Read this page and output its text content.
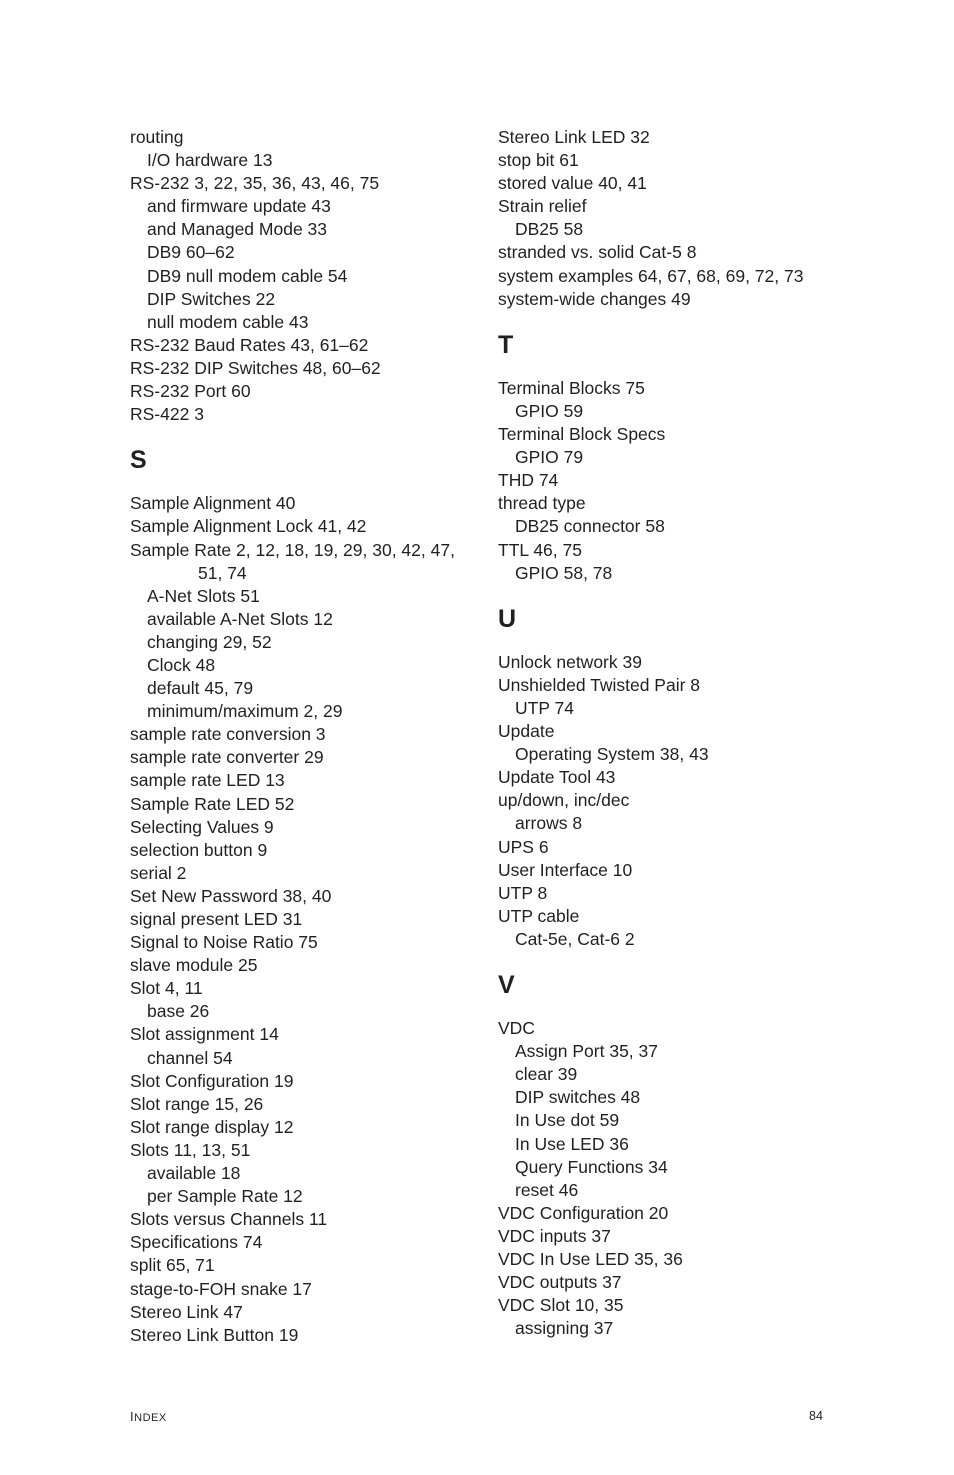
routing
I/O hardware 13
RS-232 3, 22, 35, 36, 43, 46, 75
and firmware update 43
and Managed Mode 33
DB9 60–62
DB9 null modem cable 54
DIP Switches 22
null modem cable 43
RS-232 Baud Rates 43, 61–62
RS-232 DIP Switches 48, 60–62
RS-232 Port 60
RS-422 3
S
Sample Alignment 40
Sample Alignment Lock 41, 42
Sample Rate 2, 12, 18, 19, 29, 30, 42, 47,
51, 74
A-Net Slots 51
available A-Net Slots 12
changing 29, 52
Clock 48
default 45, 79
minimum/maximum 2, 29
sample rate conversion 3
sample rate converter 29
sample rate LED 13
Sample Rate LED 52
Selecting Values 9
selection button 9
serial 2
Set New Password 38, 40
signal present LED 31
Signal to Noise Ratio 75
slave module 25
Slot 4, 11
base 26
Slot assignment 14
channel 54
Slot Configuration 19
Slot range 15, 26
Slot range display 12
Slots 11, 13, 51
available 18
per Sample Rate 12
Slots versus Channels 11
Specifications 74
split 65, 71
stage-to-FOH snake 17
Stereo Link 47
Stereo Link Button 19
Stereo Link LED 32
stop bit 61
stored value 40, 41
Strain relief
DB25 58
stranded vs. solid Cat-5 8
system examples 64, 67, 68, 69, 72, 73
system-wide changes 49
T
Terminal Blocks 75
GPIO 59
Terminal Block Specs
GPIO 79
THD 74
thread type
DB25 connector 58
TTL 46, 75
GPIO 58, 78
U
Unlock network 39
Unshielded Twisted Pair 8
UTP 74
Update
Operating System 38, 43
Update Tool 43
up/down, inc/dec
arrows 8
UPS 6
User Interface 10
UTP 8
UTP cable
Cat-5e, Cat-6 2
V
VDC
Assign Port 35, 37
clear 39
DIP switches 48
In Use dot 59
In Use LED 36
Query Functions 34
reset 46
VDC Configuration 20
VDC inputs 37
VDC In Use LED 35, 36
VDC outputs 37
VDC Slot 10, 35
assigning 37
INDEX	84
